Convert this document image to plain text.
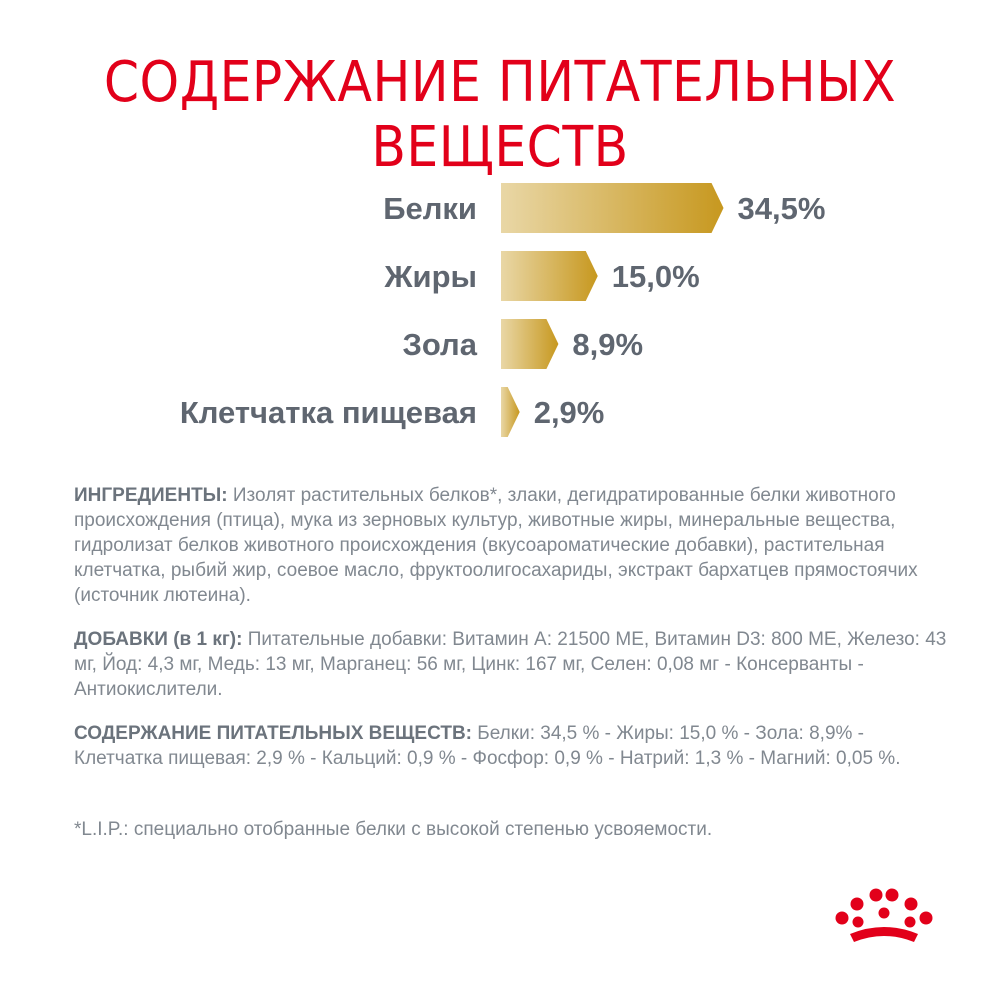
СОДЕРЖАНИЕ ПИТАТЕЛЬНЫХ ВЕЩЕСТВ
Белки	34,5%
Жиры	15,0%
Зола	8,9%
Клетчатка пищевая 2,9%
ИНГРЕДИЕНТЫ: Изолят растительных белков*, злаки, дегидратированные белки животного происхождения (птица), мука из зерновых культур, животные жиры, минеральные вещества, гидролизат белков животного происхождения (вкусоароматические добавки), растительная клетчатка, рыбий жир, соевое масло, фруктоолигосахариды, экстракт бархатцев прямостоячих (источник лютеина).
ДОБАВКИ (в 1 кг): Питательные добавки: Витамин A: 21500 МЕ, Витамин D3: 800 МЕ, Железо: 43 мг, Йод: 4,3 мг, Медь: 13 мг, Марганец: 56 мг, Цинк: 167 мг, Селен: 0,08 мг - Консерванты - Антиокислители.
СОДЕРЖАНИЕ ПИТАТЕЛЬНЫХ ВЕЩЕСТВ: Белки: 34,5 % - Жиры: 15,0 % - Зола: 8,9% - Клетчатка пищевая: 2,9 % - Кальций: 0,9 % - Фосфор: 0,9 % - Натрий: 1,3 % - Магний: 0,05 %.
*L.I.P.: специально отобранные белки с высокой степенью усвояемости.
